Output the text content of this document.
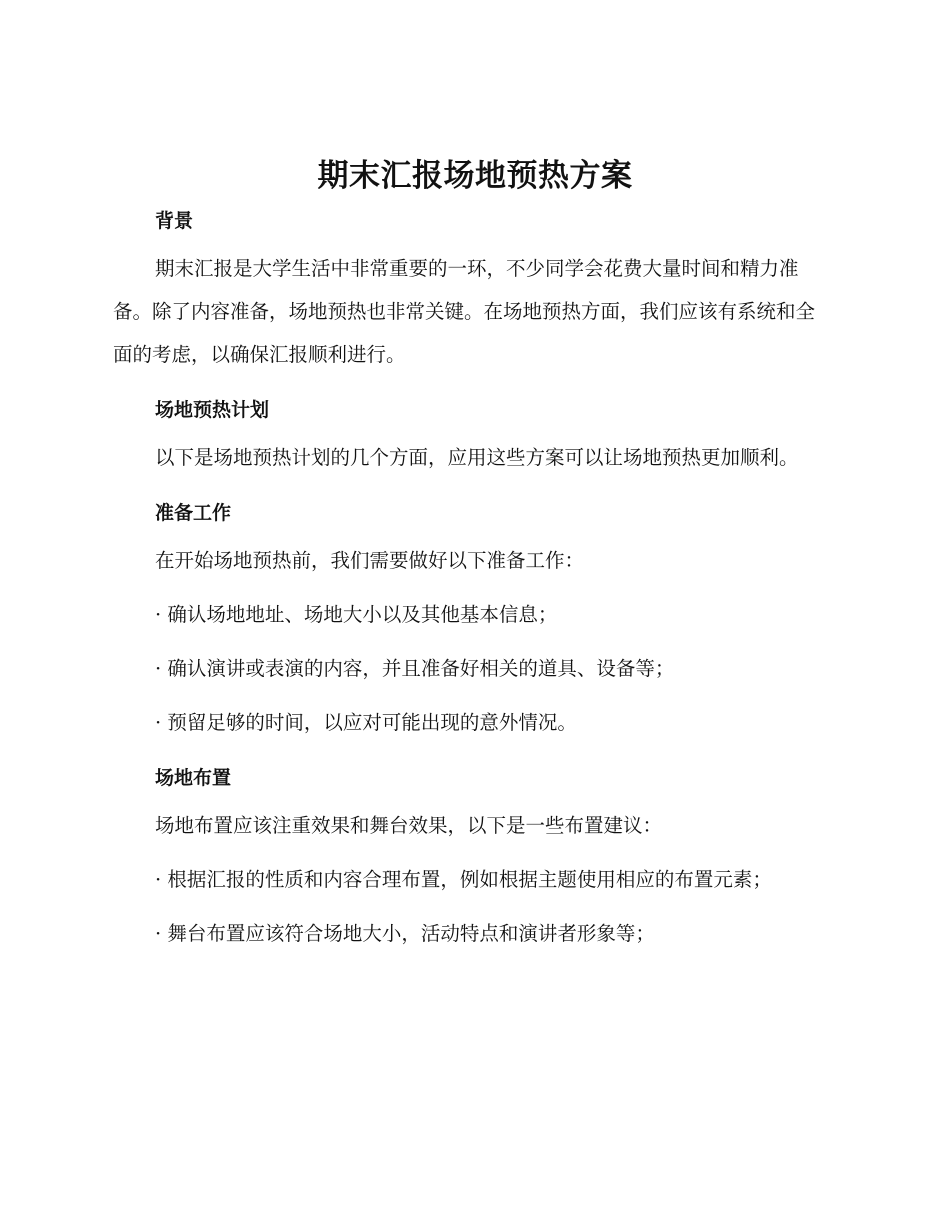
期末汇报场地预热方案

背景

期末汇报是大学生活中非常重要的一环，不少同学会花费大量时间和精力准备。除了内容准备，场地预热也非常关键。在场地预热方面，我们应该有系统和全面的考虑，以确保汇报顺利进行。

场地预热计划

以下是场地预热计划的几个方面，应用这些方案可以让场地预热更加顺利。

准备工作

在开始场地预热前，我们需要做好以下准备工作：

· 确认场地地址、场地大小以及其他基本信息；

· 确认演讲或表演的内容，并且准备好相关的道具、设备等；

· 预留足够的时间，以应对可能出现的意外情况。

场地布置

场地布置应该注重效果和舞台效果，以下是一些布置建议：

· 根据汇报的性质和内容合理布置，例如根据主题使用相应的布置元素；

· 舞台布置应该符合场地大小，活动特点和演讲者形象等；
